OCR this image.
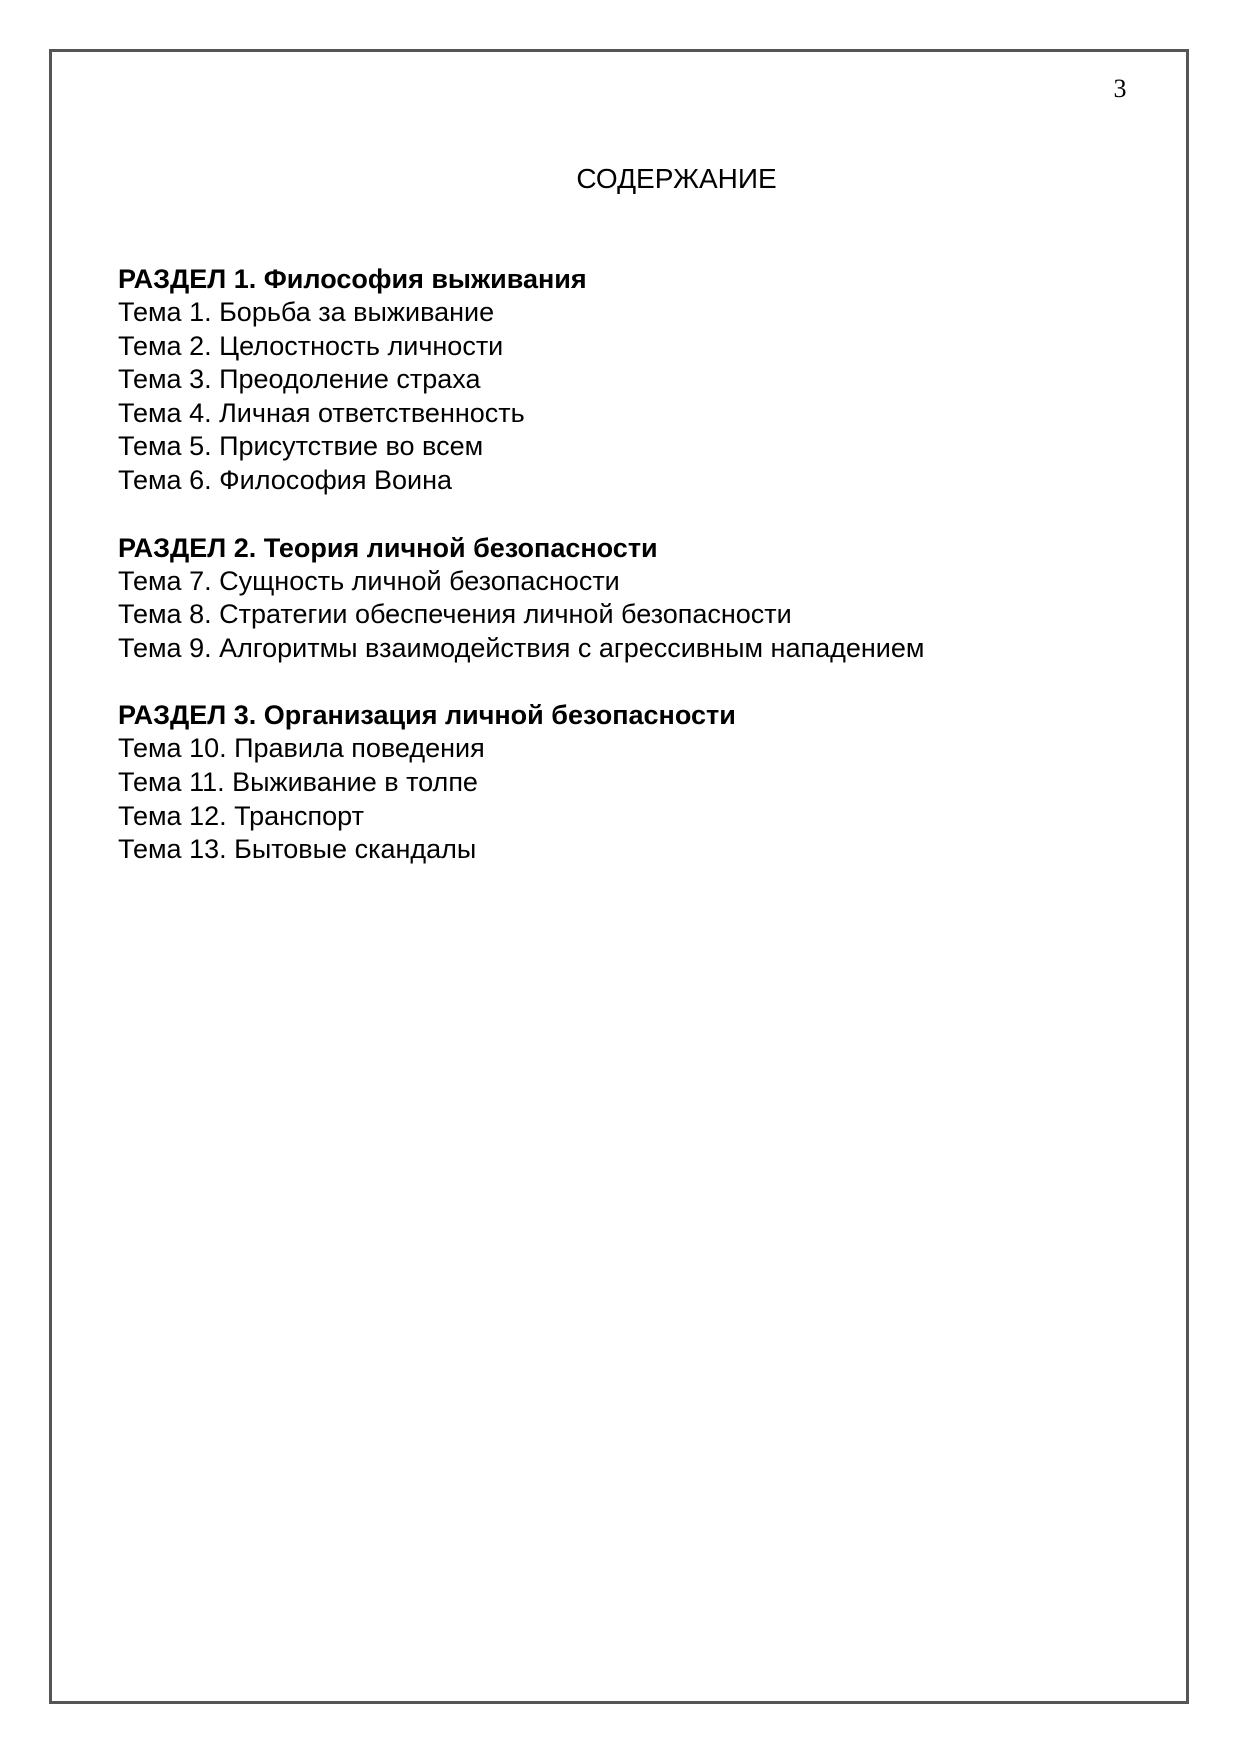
3
СОДЕРЖАНИЕ
РАЗДЕЛ 1. Философия выживания
Тема 1. Борьба за выживание
Тема 2. Целостность личности
Тема 3. Преодоление страха
Тема 4. Личная ответственность
Тема 5. Присутствие во всем
Тема 6. Философия Воина
РАЗДЕЛ 2. Теория личной безопасности
Тема 7. Сущность личной безопасности
Тема 8. Стратегии обеспечения личной безопасности
Тема 9. Алгоритмы взаимодействия с агрессивным нападением
РАЗДЕЛ 3. Организация личной безопасности
Тема 10. Правила поведения
Тема 11. Выживание в толпе
Тема 12. Транспорт
Тема 13. Бытовые скандалы
